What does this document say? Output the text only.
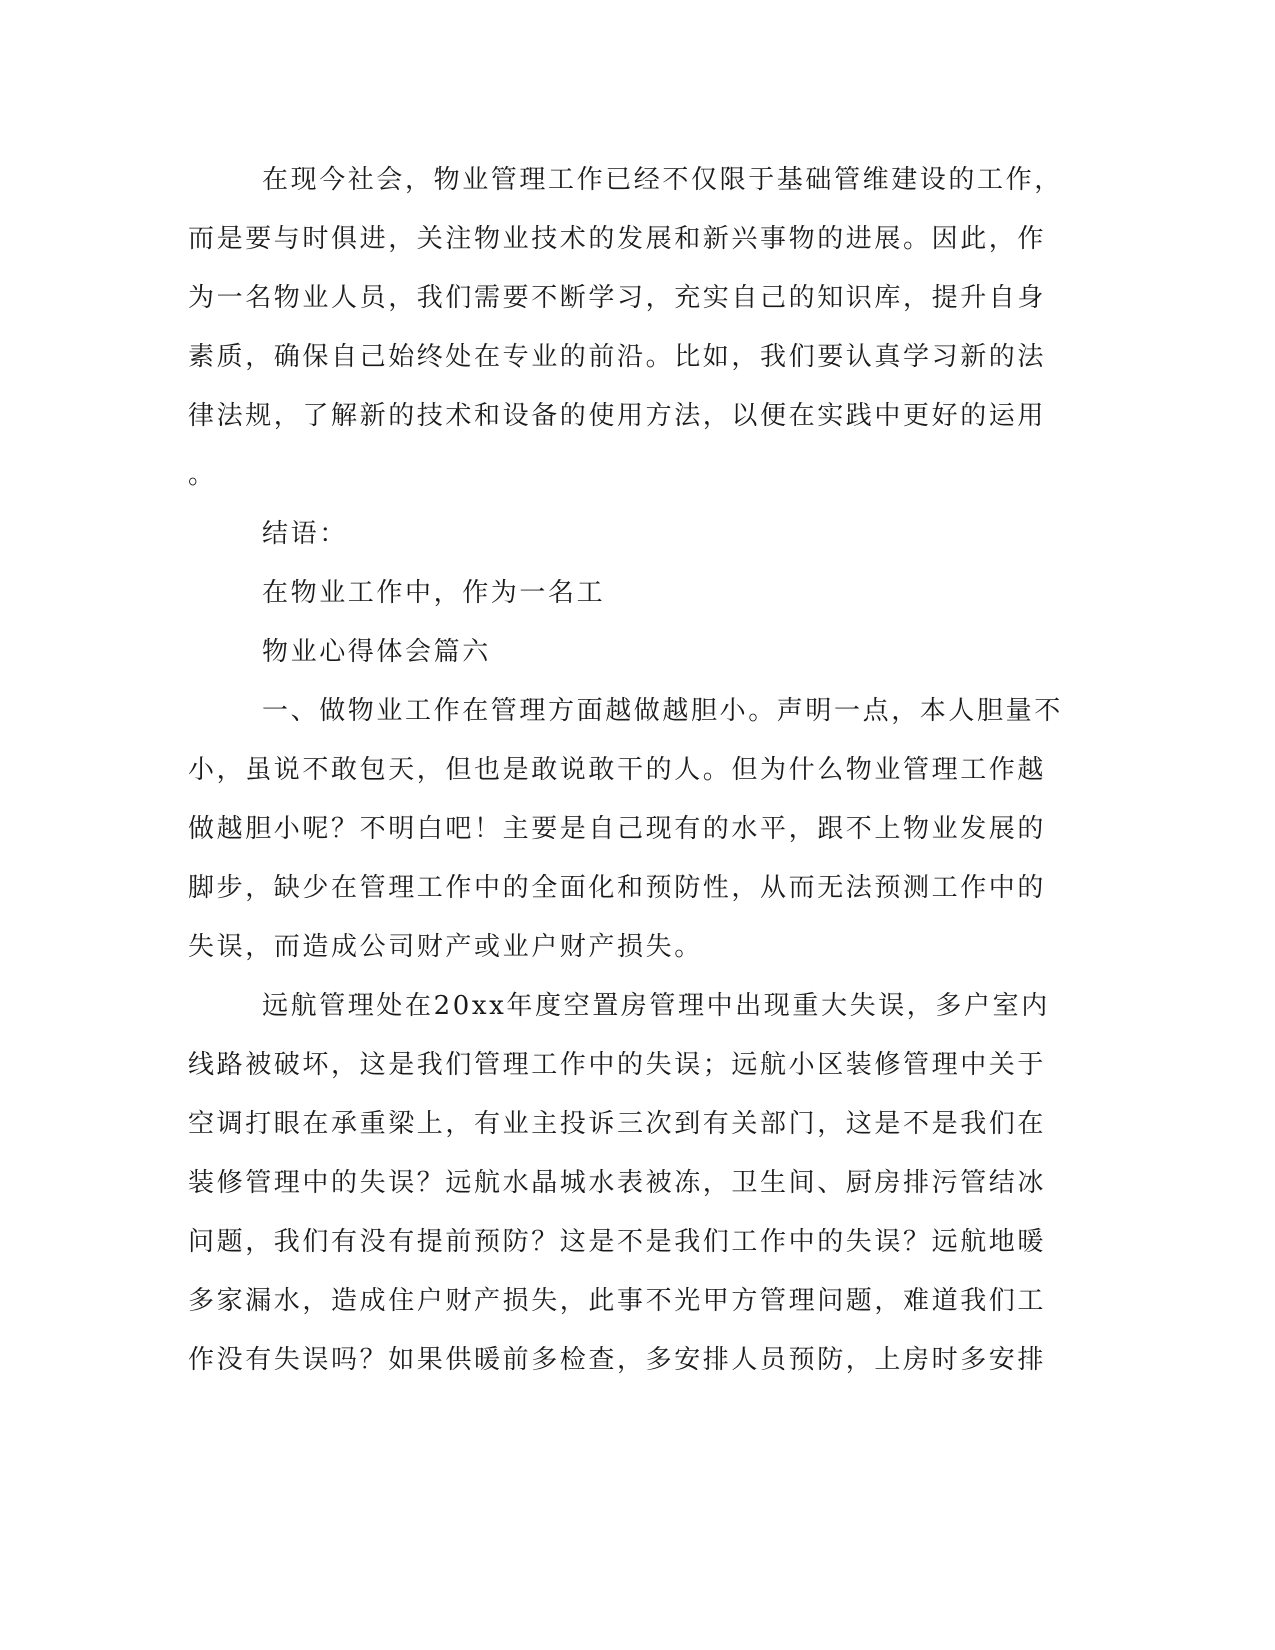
在现今社会，物业管理工作已经不仅限于基础管维建设的工作，
而是要与时俱进，关注物业技术的发展和新兴事物的进展。因此，作
为一名物业人员，我们需要不断学习，充实自己的知识库，提升自身
素质，确保自己始终处在专业的前沿。比如，我们要认真学习新的法
律法规，了解新的技术和设备的使用方法，以便在实践中更好的运用
。
结语：
在物业工作中，作为一名工
物业心得体会篇六
一、做物业工作在管理方面越做越胆小。声明一点，本人胆量不
小，虽说不敢包天，但也是敢说敢干的人。但为什么物业管理工作越
做越胆小呢？不明白吧！主要是自己现有的水平，跟不上物业发展的
脚步，缺少在管理工作中的全面化和预防性，从而无法预测工作中的
失误，而造成公司财产或业户财产损失。
远航管理处在20xx年度空置房管理中出现重大失误，多户室内
线路被破坏，这是我们管理工作中的失误；远航小区装修管理中关于
空调打眼在承重梁上，有业主投诉三次到有关部门，这是不是我们在
装修管理中的失误？远航水晶城水表被冻，卫生间、厨房排污管结冰
问题，我们有没有提前预防？这是不是我们工作中的失误？远航地暖
多家漏水，造成住户财产损失，此事不光甲方管理问题，难道我们工
作没有失误吗？如果供暖前多检查，多安排人员预防，上房时多安排
